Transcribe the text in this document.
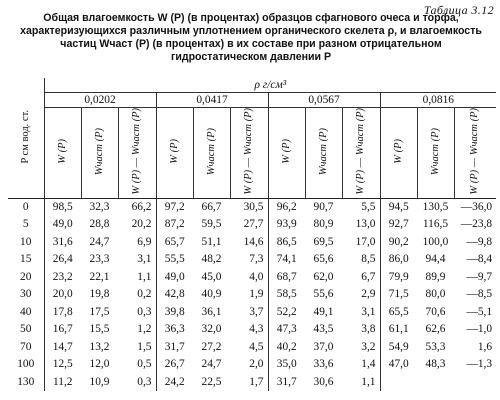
Таблица 3.12
Общая влагоемкость W (P) (в процентах) образцов сфагнового очеса и торфа,
характеризующихся различным уплотнением органического скелета ρ, и влагоемкость
частиц Wчаст (P) (в процентах) в их составе при разном отрицательном
гидростатическом давлении P
P см вод. ст.	ρ г/см³											
	0,0202			0,0417			0,0567			0,0816		
	W (P)	Wчаст (P)	W (P) — Wчаст (P)	W (P)	Wчаст (P)	W (P) — Wчаст (P)	W (P)	Wчаст (P)	W (P) — Wчаст (P)	W (P)	Wчаст (P)	W (P) — Wчаст (P)
0	98,5	32,3	66,2	97,2	66,7	30,5	96,2	90,7	5,5	94,5	130,5	—36,0
5	49,0	28,8	20,2	87,2	59,5	27,7	93,9	80,9	13,0	92,7	116,5	—23,8
10	31,6	24,7	6,9	65,7	51,1	14,6	86,5	69,5	17,0	90,2	100,0	—9,8
15	26,4	23,3	3,1	55,5	48,2	7,3	74,1	65,6	8,5	86,0	94,4	—8,4
20	23,2	22,1	1,1	49,0	45,0	4,0	68,7	62,0	6,7	79,9	89,9	—9,7
30	20,0	19,8	0,2	42,8	40,9	1,9	58,5	55,6	2,9	71,5	80,0	—8,5
40	17,8	17,5	0,3	39,8	36,1	3,7	52,2	49,1	3,1	65,5	70,6	—5,1
50	16,7	15,5	1,2	36,3	32,0	4,3	47,3	43,5	3,8	61,1	62,6	—1,0
70	14,7	13,2	1,5	31,7	27,2	4,5	40,2	37,0	3,2	54,9	53,3	1,6
100	12,5	12,0	0,5	26,7	24,7	2,0	35,0	33,6	1,4	47,0	48,3	—1,3
130	11,2	10,9	0,3	24,2	22,5	1,7	31,7	30,6	1,1			
